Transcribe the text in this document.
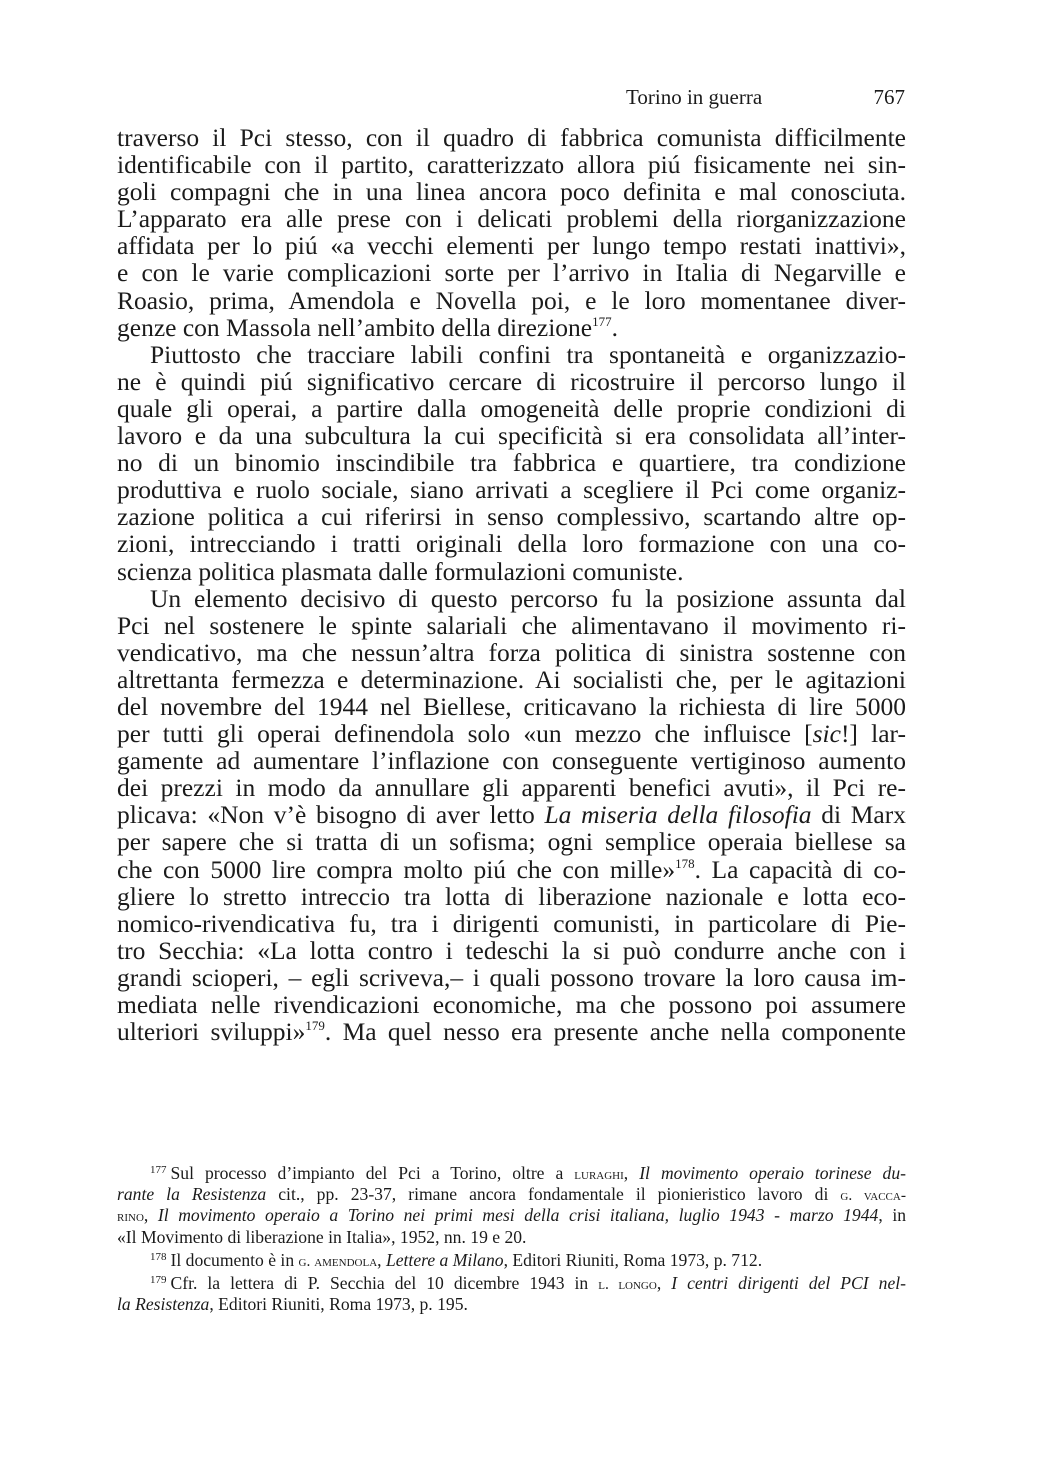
Torino in guerra	767

traverso il Pci stesso, con il quadro di fabbrica comunista difficilmente
identificabile con il partito, caratterizzato allora piú fisicamente nei sin-
goli compagni che in una linea ancora poco definita e mal conosciuta.
L’apparato era alle prese con i delicati problemi della riorganizzazione
affidata per lo piú «a vecchi elementi per lungo tempo restati inattivi»,
e con le varie complicazioni sorte per l’arrivo in Italia di Negarville e
Roasio, prima, Amendola e Novella poi, e le loro momentanee diver-
genze con Massola nell’ambito della direzione$^{177}$.

Piuttosto che tracciare labili confini tra spontaneità e organizzazio-
ne è quindi piú significativo cercare di ricostruire il percorso lungo il
quale gli operai, a partire dalla omogeneità delle proprie condizioni di
lavoro e da una subcultura la cui specificità si era consolidata all’inter-
no di un binomio inscindibile tra fabbrica e quartiere, tra condizione
produttiva e ruolo sociale, siano arrivati a scegliere il Pci come organiz-
zazione politica a cui riferirsi in senso complessivo, scartando altre op-
zioni, intrecciando i tratti originali della loro formazione con una co-
scienza politica plasmata dalle formulazioni comuniste.

Un elemento decisivo di questo percorso fu la posizione assunta dal
Pci nel sostenere le spinte salariali che alimentavano il movimento ri-
vendicativo, ma che nessun’altra forza politica di sinistra sostenne con
altrettanta fermezza e determinazione. Ai socialisti che, per le agitazioni
del novembre del 1944 nel Biellese, criticavano la richiesta di lire 5000
per tutti gli operai definendola solo «un mezzo che influisce [sic!] lar-
gamente ad aumentare l’inflazione con conseguente vertiginoso aumento
dei prezzi in modo da annullare gli apparenti benefici avuti», il Pci re-
plicava: «Non v’è bisogno di aver letto La miseria della filosofia di Marx
per sapere che si tratta di un sofisma; ogni semplice operaia biellese sa
che con 5000 lire compra molto piú che con mille»$^{178}$. La capacità di co-
gliere lo stretto intreccio tra lotta di liberazione nazionale e lotta eco-
nomico-rivendicativa fu, tra i dirigenti comunisti, in particolare di Pie-
tro Secchia: «La lotta contro i tedeschi la si può condurre anche con i
grandi scioperi, – egli scriveva,– i quali possono trovare la loro causa im-
mediata nelle rivendicazioni economiche, ma che possono poi assumere
ulteriori sviluppi»$^{179}$. Ma quel nesso era presente anche nella componente

$^{177}$ Sul processo d’impianto del Pci a Torino, oltre a luraghi, Il movimento operaio torinese du-
rante la Resistenza cit., pp. 23-37, rimane ancora fondamentale il pionieristico lavoro di g. vacca-
rino, Il movimento operaio a Torino nei primi mesi della crisi italiana, luglio 1943 - marzo 1944, in
«Il Movimento di liberazione in Italia», 1952, nn. 19 e 20.
$^{178}$ Il documento è in g. amendola, Lettere a Milano, Editori Riuniti, Roma 1973, p. 712.
$^{179}$ Cfr. la lettera di P. Secchia del 10 dicembre 1943 in l. longo, I centri dirigenti del PCI nel-
la Resistenza, Editori Riuniti, Roma 1973, p. 195.
